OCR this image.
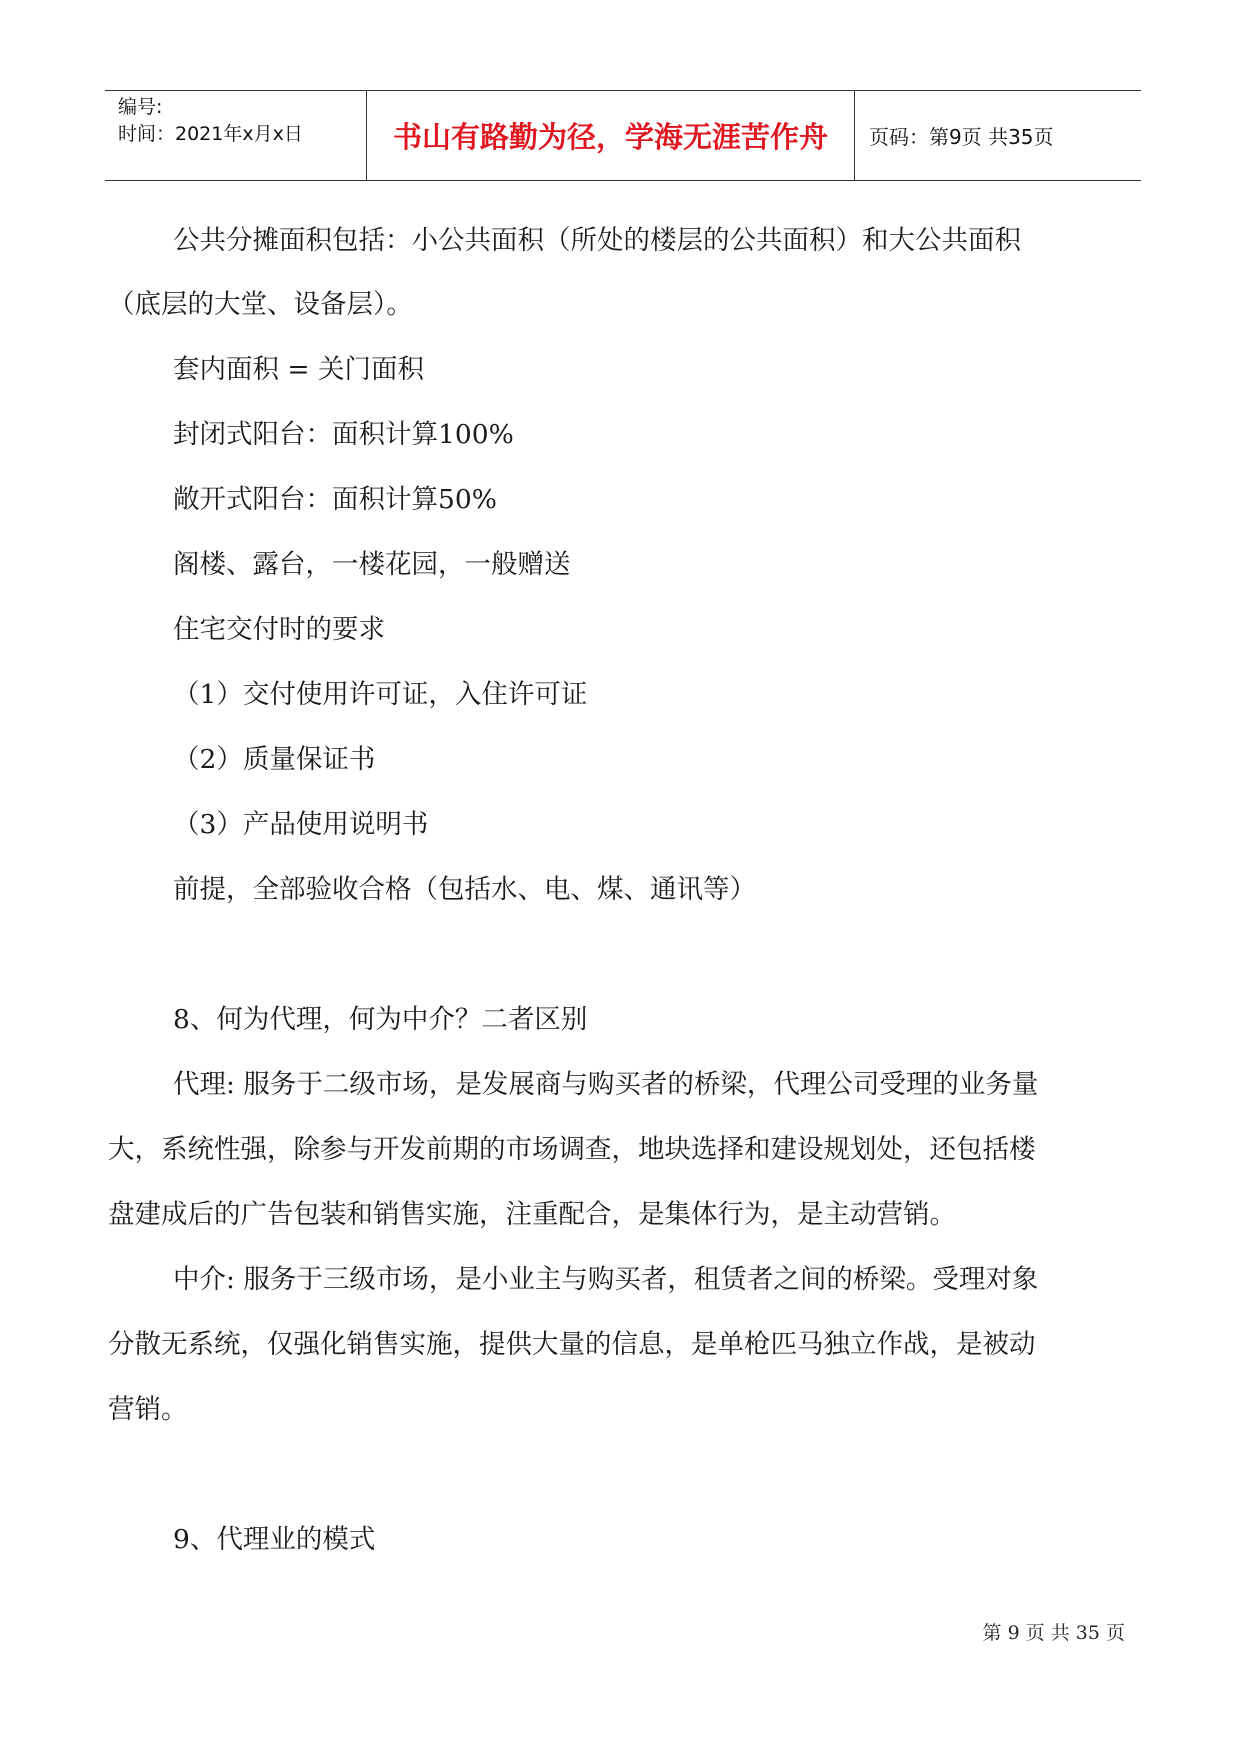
编号:
时间：2021年x月x日	书山有路勤为径，学海无涯苦作舟 页码：第9页 共35页
公共分摊面积包括：小公共面积（所处的楼层的公共面积）和大公共面积
（底层的大堂、设备层）。
套内面积 = 关门面积
封闭式阳台：面积计算100%
敞开式阳台：面积计算50%
阁楼、露台，一楼花园，一般赠送
住宅交付时的要求
（1）交付使用许可证，入住许可证
（2）质量保证书
（3）产品使用说明书
前提，全部验收合格（包括水、电、煤、通讯等）
8、何为代理，何为中介？二者区别
代理: 服务于二级市场，是发展商与购买者的桥梁，代理公司受理的业务量
大，系统性强，除参与开发前期的市场调查，地块选择和建设规划处，还包括楼
盘建成后的广告包装和销售实施，注重配合，是集体行为，是主动营销。
中介: 服务于三级市场，是小业主与购买者，租赁者之间的桥梁。受理对象
分散无系统，仅强化销售实施，提供大量的信息，是单枪匹马独立作战，是被动
营销。
9、代理业的模式
第 9 页 共 35 页
